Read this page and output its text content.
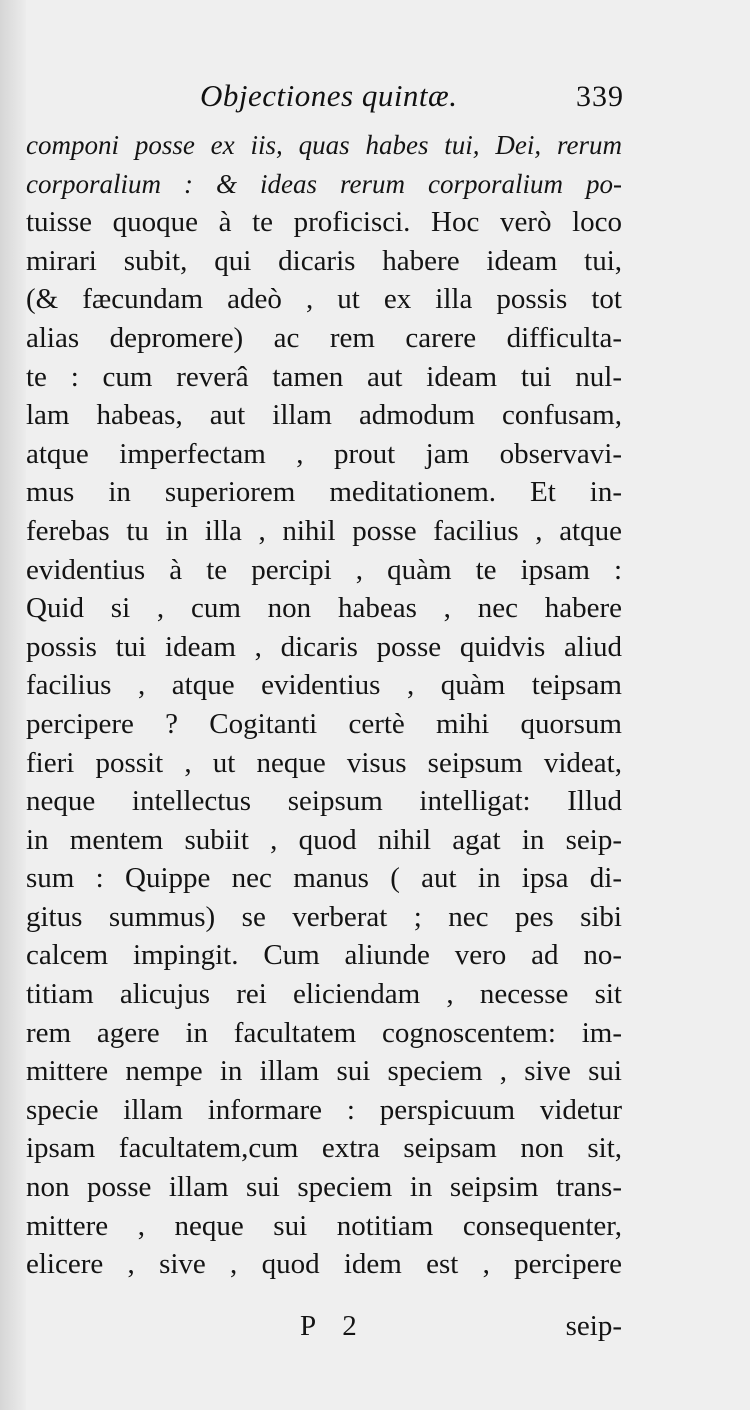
Objectiones quintæ.	339
componi posse ex iis, quas habes tui, Dei, rerum
corporalium : & ideas rerum corporalium po-
tuisse quoque à te proficisci. Hoc verò loco
mirari subit, qui dicaris habere ideam tui,
(& fæcundam adeò , ut ex illa possis tot
alias depromere) ac rem carere difficulta-
te : cum reverâ tamen aut ideam tui nul-
lam habeas, aut illam admodum confusam,
atque imperfectam , prout jam observavi-
mus in superiorem meditationem. Et in-
ferebas tu in illa , nihil posse facilius , atque
evidentius à te percipi , quàm te ipsam :
Quid si , cum non habeas , nec habere
possis tui ideam , dicaris posse quidvis aliud
facilius , atque evidentius , quàm teipsam
percipere ? Cogitanti certè mihi quorsum
fieri possit , ut neque visus seipsum videat,
neque intellectus seipsum intelligat: Illud
in mentem subiit , quod nihil agat in seip-
sum : Quippe nec manus ( aut in ipsa di-
gitus summus) se verberat ; nec pes sibi
calcem impingit. Cum aliunde vero ad no-
titiam alicujus rei eliciendam , necesse sit
rem agere in facultatem cognoscentem: im-
mittere nempe in illam sui speciem , sive sui
specie illam informare : perspicuum videtur
ipsam facultatem,cum extra seipsam non sit,
non posse illam sui speciem in seipsim trans-
mittere , neque sui notitiam consequenter,
elicere , sive , quod idem est , percipere
P 2	seip-
